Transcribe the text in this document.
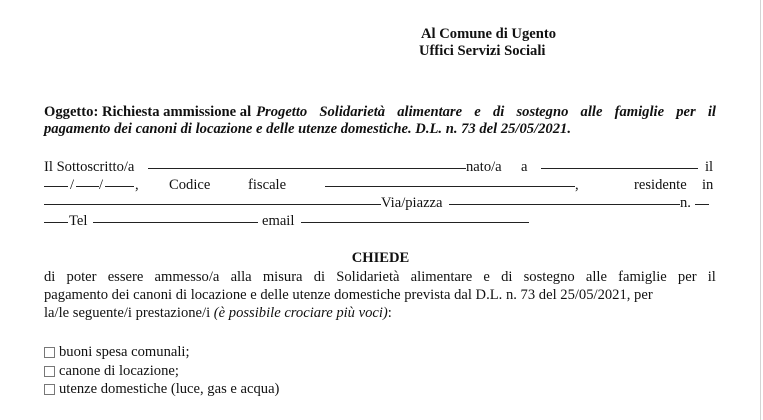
Al Comune di Ugento
Uffici Servizi Sociali
Oggetto: Richiesta ammissione al Progetto Solidarietà alimentare e di sostegno alle famiglie per il
pagamento dei canoni di locazione e delle utenze domestiche. D.L. n. 73 del 25/05/2021.
Il Sottoscritto/a	nato/a a	il
/ / , Codice	fiscale	,	residente in
Via/piazza	n.
Tel	email
CHIEDE
di poter essere ammesso/a alla misura di Solidarietà alimentare e di sostegno alle famiglie per il
pagamento dei canoni di locazione e delle utenze domestiche prevista dal D.L. n. 73 del 25/05/2021, per
la/le seguente/i prestazione/i (è possibile crociare più voci):
buoni spesa comunali;
canone di locazione;
utenze domestiche (luce, gas e acqua)
